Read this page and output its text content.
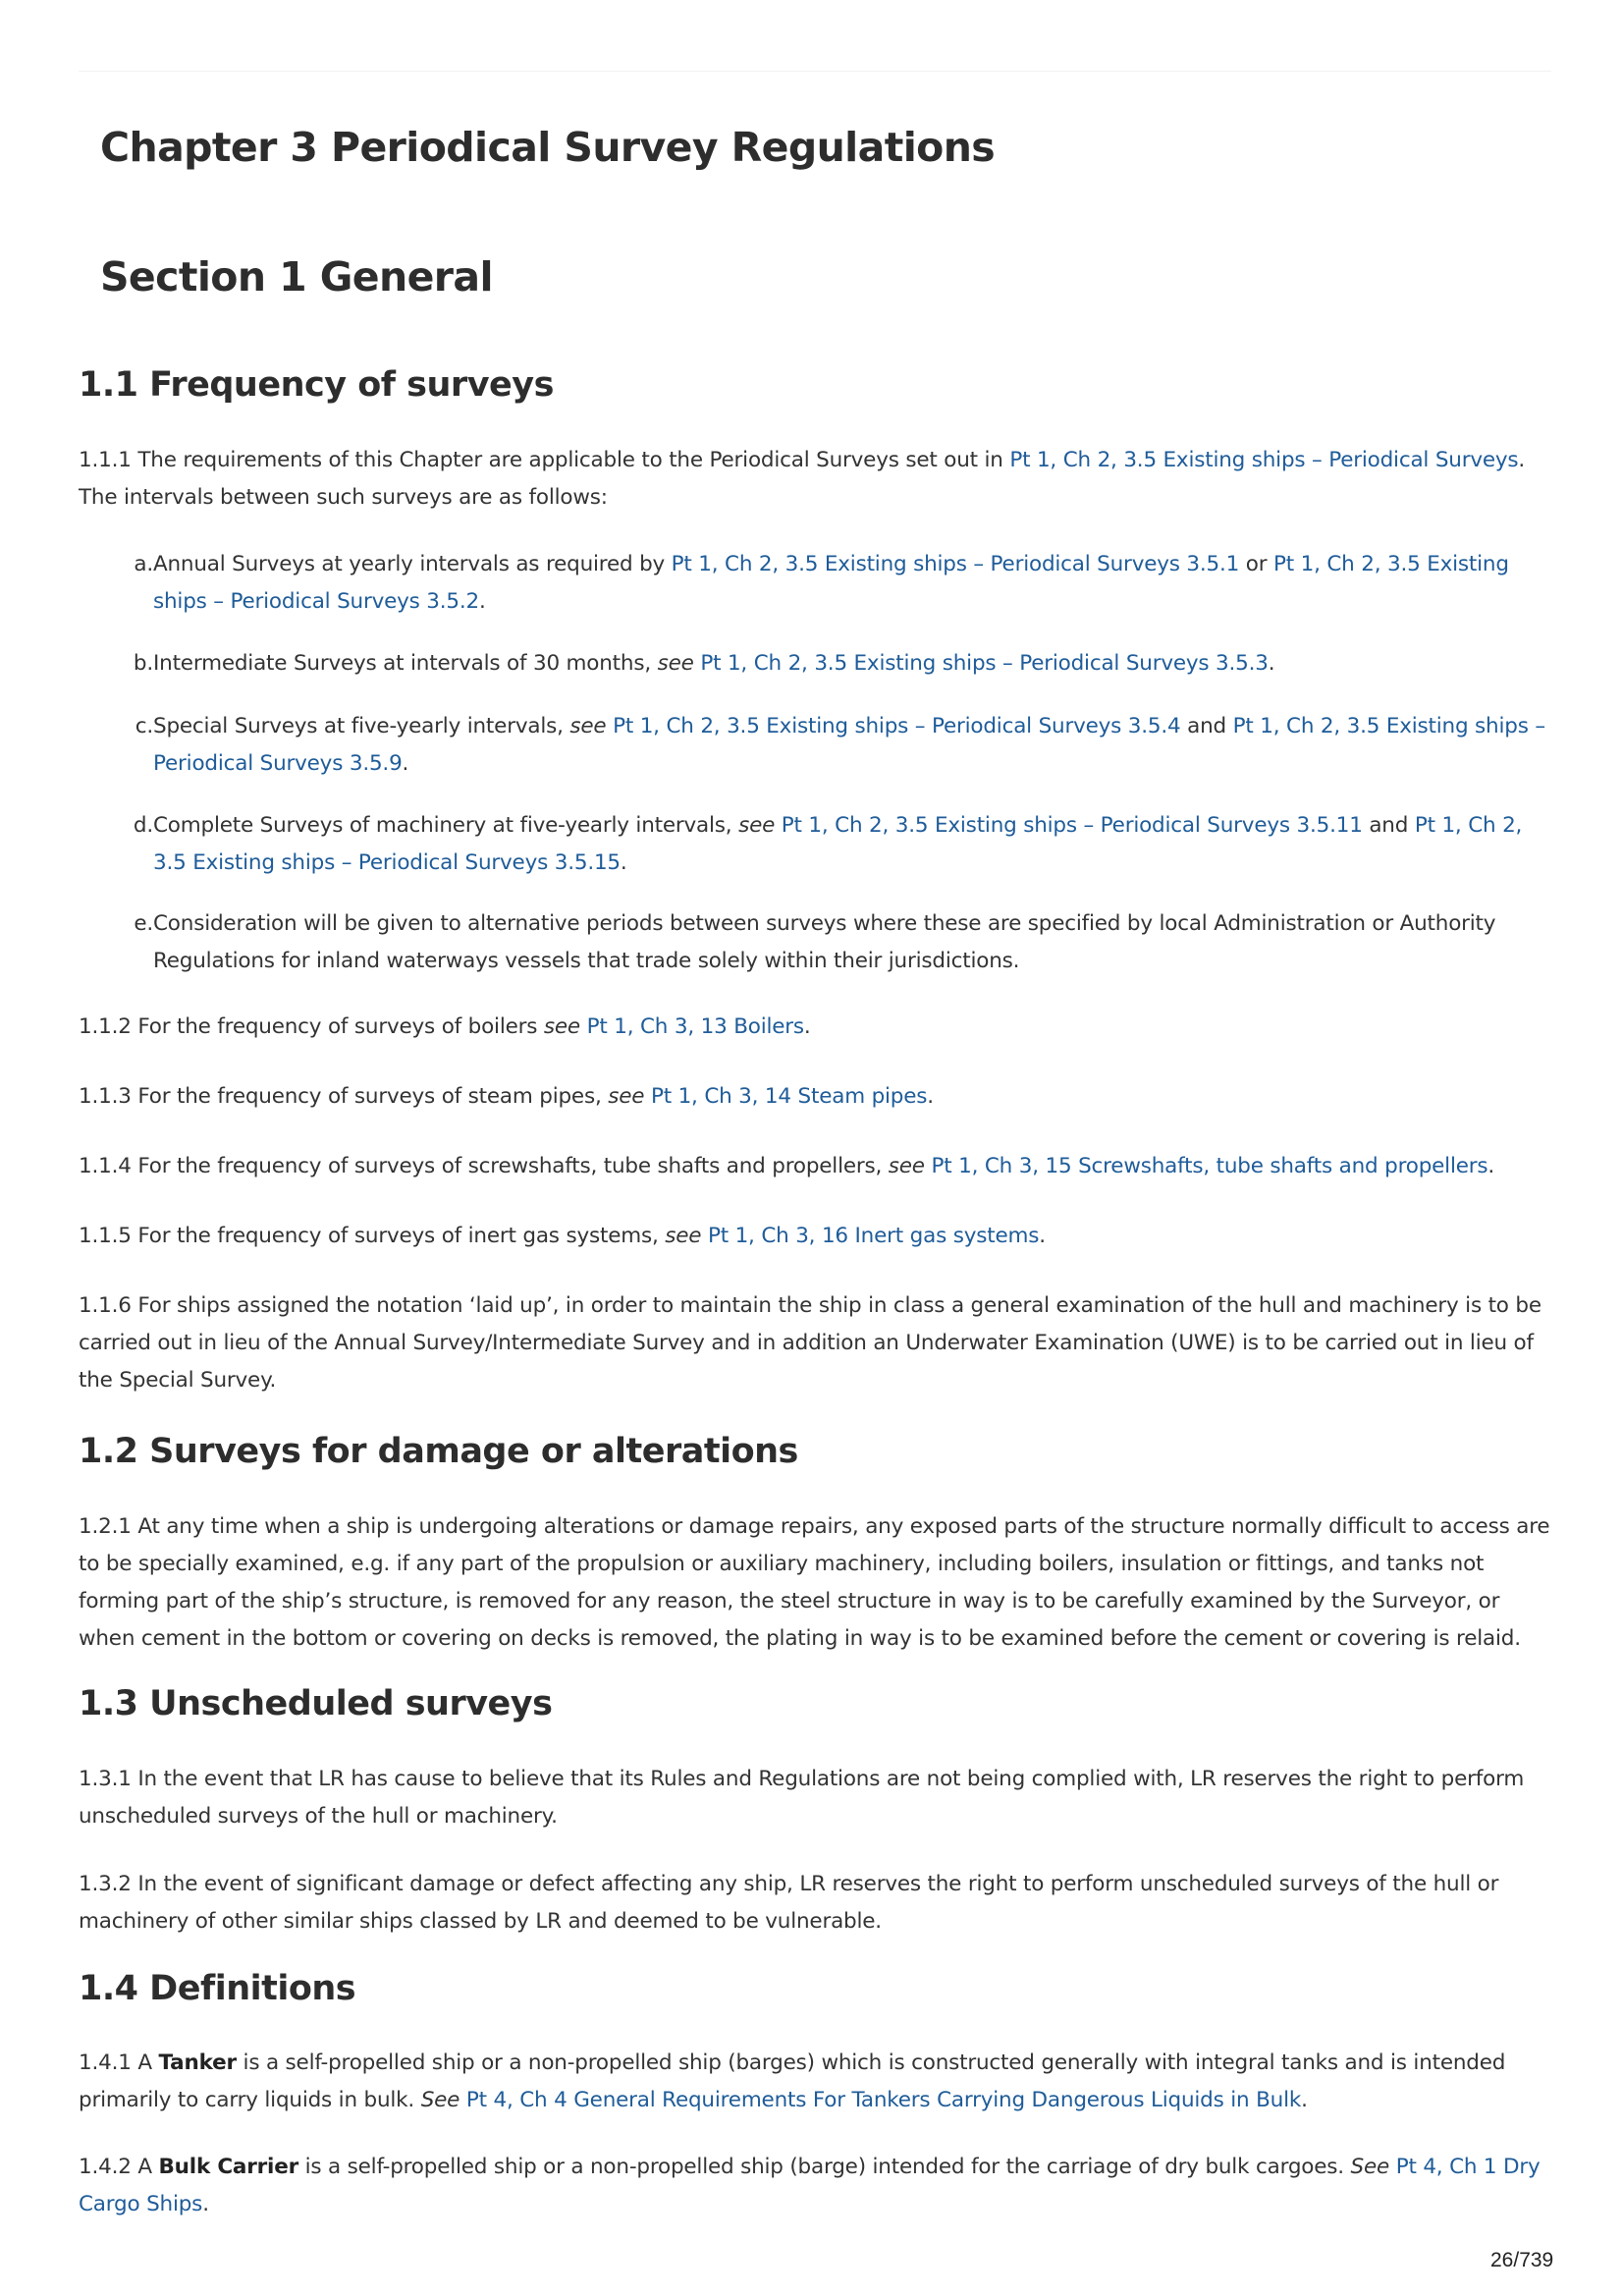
Chapter 3 Periodical Survey Regulations
Section 1 General
1.1 Frequency of surveys

1.1.1 The requirements of this Chapter are applicable to the Periodical Surveys set out in Pt 1, Ch 2, 3.5 Existing ships – Periodical Surveys. The intervals between such surveys are as follows:

a. Annual Surveys at yearly intervals as required by Pt 1, Ch 2, 3.5 Existing ships – Periodical Surveys 3.5.1 or Pt 1, Ch 2, 3.5 Existing ships – Periodical Surveys 3.5.2.
b. Intermediate Surveys at intervals of 30 months, see Pt 1, Ch 2, 3.5 Existing ships – Periodical Surveys 3.5.3.
c. Special Surveys at five-yearly intervals, see Pt 1, Ch 2, 3.5 Existing ships – Periodical Surveys 3.5.4 and Pt 1, Ch 2, 3.5 Existing ships – Periodical Surveys 3.5.9.
d. Complete Surveys of machinery at five-yearly intervals, see Pt 1, Ch 2, 3.5 Existing ships – Periodical Surveys 3.5.11 and Pt 1, Ch 2, 3.5 Existing ships – Periodical Surveys 3.5.15.
e. Consideration will be given to alternative periods between surveys where these are specified by local Administration or Authority Regulations for inland waterways vessels that trade solely within their jurisdictions.

1.1.2 For the frequency of surveys of boilers see Pt 1, Ch 3, 13 Boilers.

1.1.3 For the frequency of surveys of steam pipes, see Pt 1, Ch 3, 14 Steam pipes.

1.1.4 For the frequency of surveys of screwshafts, tube shafts and propellers, see Pt 1, Ch 3, 15 Screwshafts, tube shafts and propellers.

1.1.5 For the frequency of surveys of inert gas systems, see Pt 1, Ch 3, 16 Inert gas systems.

1.1.6 For ships assigned the notation ‘laid up’, in order to maintain the ship in class a general examination of the hull and machinery is to be carried out in lieu of the Annual Survey/Intermediate Survey and in addition an Underwater Examination (UWE) is to be carried out in lieu of the Special Survey.

1.2 Surveys for damage or alterations

1.2.1 At any time when a ship is undergoing alterations or damage repairs, any exposed parts of the structure normally difficult to access are to be specially examined, e.g. if any part of the propulsion or auxiliary machinery, including boilers, insulation or fittings, and tanks not forming part of the ship’s structure, is removed for any reason, the steel structure in way is to be carefully examined by the Surveyor, or when cement in the bottom or covering on decks is removed, the plating in way is to be examined before the cement or covering is relaid.

1.3 Unscheduled surveys

1.3.1 In the event that LR has cause to believe that its Rules and Regulations are not being complied with, LR reserves the right to perform unscheduled surveys of the hull or machinery.

1.3.2 In the event of significant damage or defect affecting any ship, LR reserves the right to perform unscheduled surveys of the hull or machinery of other similar ships classed by LR and deemed to be vulnerable.

1.4 Definitions

1.4.1 A Tanker is a self-propelled ship or a non-propelled ship (barges) which is constructed generally with integral tanks and is intended primarily to carry liquids in bulk. See Pt 4, Ch 4 General Requirements For Tankers Carrying Dangerous Liquids in Bulk.

1.4.2 A Bulk Carrier is a self-propelled ship or a non-propelled ship (barge) intended for the carriage of dry bulk cargoes. See Pt 4, Ch 1 Dry Cargo Ships.

26/739
